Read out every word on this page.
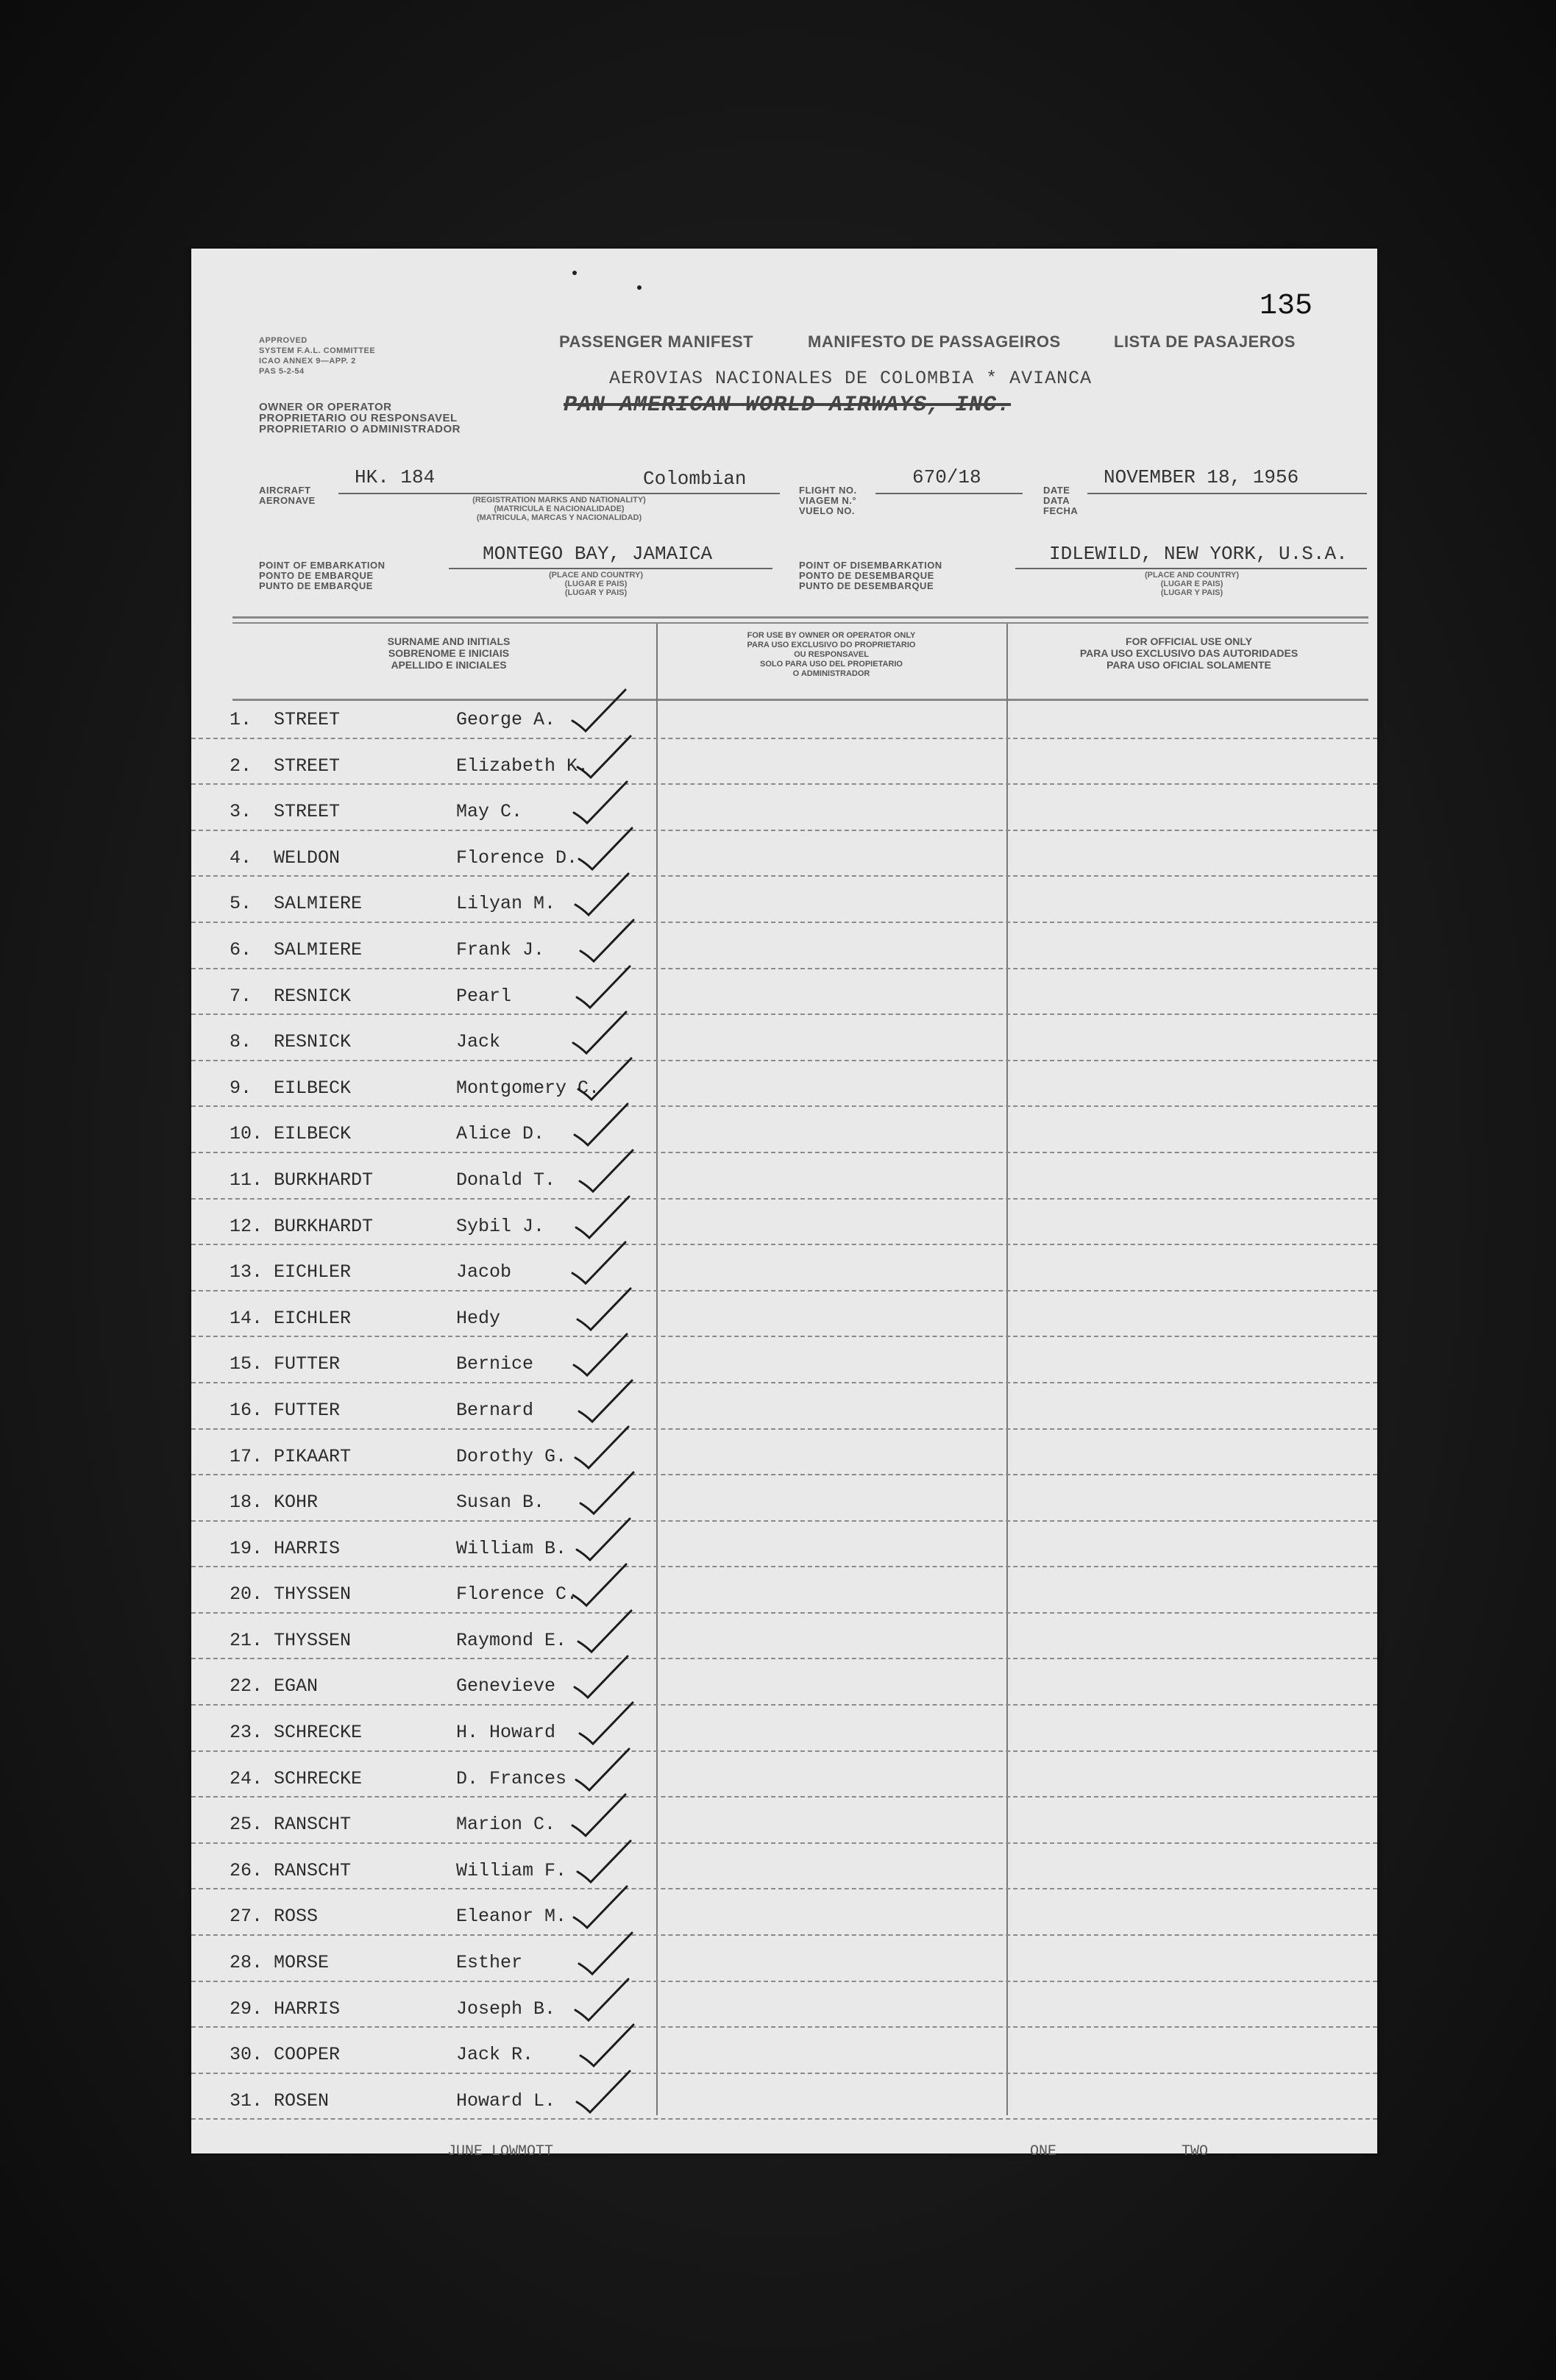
APPROVED
SYSTEM F.A.L. COMMITTEE
ICAO ANNEX 9—APP. 2
PAS 5-2-54
OWNER OR OPERATOR
PROPRIETARIO OU RESPONSAVEL
PROPRIETARIO O ADMINISTRADOR
135
PASSENGER MANIFEST	MANIFESTO DE PASSAGEIROS	LISTA DE PASAJEROS
AEROVIAS NACIONALES DE COLOMBIA * AVIANCA
PAN AMERICAN WORLD AIRWAYS, INC.
AIRCRAFT
AERONAVE
HK. 184	Colombian
(REGISTRATION MARKS AND NATIONALITY)
(MATRICULA E NACIONALIDADE)
(MATRICULA, MARCAS Y NACIONALIDAD)
FLIGHT NO.
VIAGEM N.°
VUELO NO.
670/18
DATE
DATA
FECHA
NOVEMBER 18, 1956
POINT OF EMBARKATION
PONTO DE EMBARQUE
PUNTO DE EMBARQUE
MONTEGO BAY, JAMAICA
(PLACE AND COUNTRY)
(LUGAR E PAIS)
(LUGAR Y PAIS)
POINT OF DISEMBARKATION
PONTO DE DESEMBARQUE
PUNTO DE DESEMBARQUE
IDLEWILD, NEW YORK, U.S.A.
(PLACE AND COUNTRY)
(LUGAR E PAIS)
(LUGAR Y PAIS)
SURNAME AND INITIALS
SOBRENOME E INICIAIS
APELLIDO E INICIALES
FOR USE BY OWNER OR OPERATOR ONLY
PARA USO EXCLUSIVO DO PROPRIETARIO
OU RESPONSAVEL
SOLO PARA USO DEL PROPIETARIO
O ADMINISTRADOR
FOR OFFICIAL USE ONLY
PARA USO EXCLUSIVO DAS AUTORIDADES
PARA USO OFICIAL SOLAMENTE
1. STREET	George A.
2. STREET	Elizabeth K.
3. STREET	May C.
4. WELDON	Florence D.
5. SALMIERE	Lilyan M.
6. SALMIERE	Frank J.
7. RESNICK	Pearl
8. RESNICK	Jack
9. EILBECK	Montgomery C.
10. EILBECK	Alice D.
11. BURKHARDT	Donald T.
12. BURKHARDT	Sybil J.
13. EICHLER	Jacob
14. EICHLER	Hedy
15. FUTTER	Bernice
16. FUTTER	Bernard
17. PIKAART	Dorothy G.
18. KOHR	Susan B.
19. HARRIS	William B.
20. THYSSEN	Florence C.
21. THYSSEN	Raymond E.
22. EGAN	Genevieve
23. SCHRECKE	H. Howard
24. SCHRECKE	D. Frances
25. RANSCHT	Marion C.
26. RANSCHT	William F.
27. ROSS	Eleanor M.
28. MORSE	Esther
29. HARRIS	Joseph B.
30. COOPER	Jack R.
31. ROSEN	Howard L.
JUNE LOWMOTT	ONE	TWO
